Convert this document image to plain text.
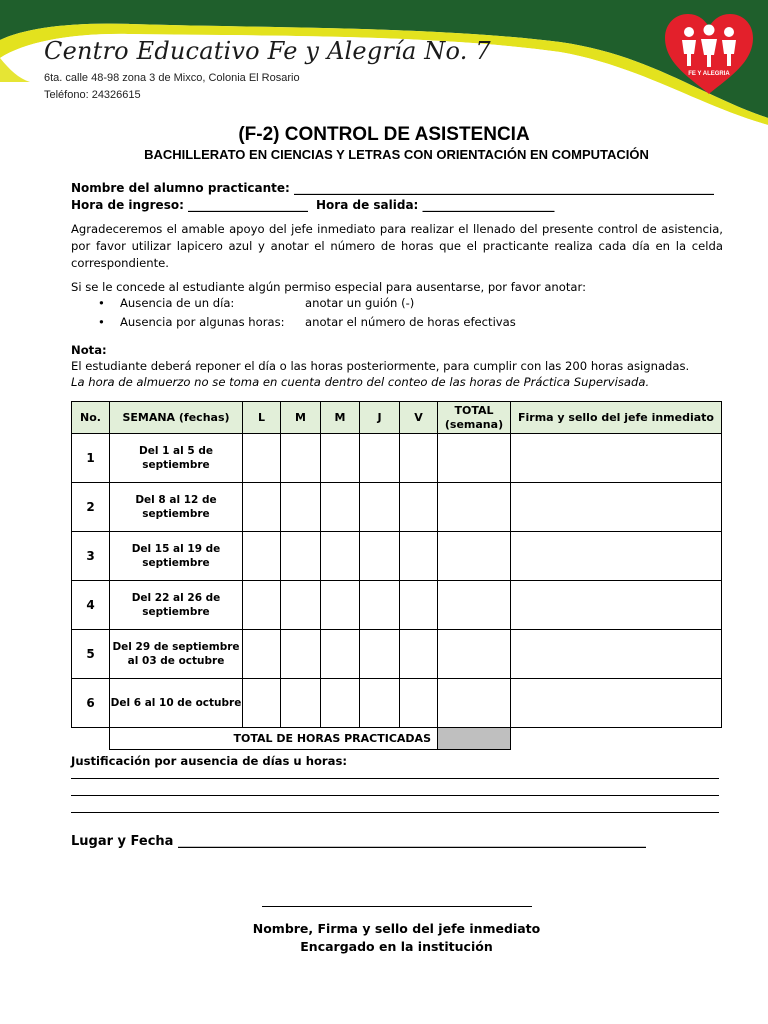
Centro Educativo Fe y Alegría No. 7
6ta. calle 48-98 zona 3 de Mixco, Colonia El Rosario
Teléfono: 24326615
FE Y ALEGRIA
(F-2) CONTROL DE ASISTENCIA
BACHILLERATO EN CIENCIAS Y LETRAS CON ORIENTACIÓN EN COMPUTACIÓN
Nombre del alumno practicante: ______________________________________________________________________
Hora de ingreso: ____________________ Hora de salida: ______________________
Agradeceremos el amable apoyo del jefe inmediato para realizar el llenado del presente control de asistencia, por favor utilizar lapicero azul y anotar el número de horas que el practicante realiza cada día en la celda correspondiente.
Si se le concede al estudiante algún permiso especial para ausentarse, por favor anotar:
• Ausencia de un día:	anotar un guión (-)
• Ausencia por algunas horas: anotar el número de horas efectivas
Nota:
El estudiante deberá reponer el día o las horas posteriormente, para cumplir con las 200 horas asignadas.
La hora de almuerzo no se toma en cuenta dentro del conteo de las horas de Práctica Supervisada.
No.	SEMANA (fechas)	L	M	M	J	V	TOTAL (semana)	Firma y sello del jefe inmediato
1	Del 1 al 5 de septiembre							
2	Del 8 al 12 de septiembre							
3	Del 15 al 19 de septiembre							
4	Del 22 al 26 de septiembre							
5	Del 29 de septiembre al 03 de octubre							
6	Del 6 al 10 de octubre							
	TOTAL DE HORAS PRACTICADAS							
Justificación por ausencia de días u horas:
Lugar y Fecha ________________________________________________________________________
Nombre, Firma y sello del jefe inmediato
Encargado en la institución
